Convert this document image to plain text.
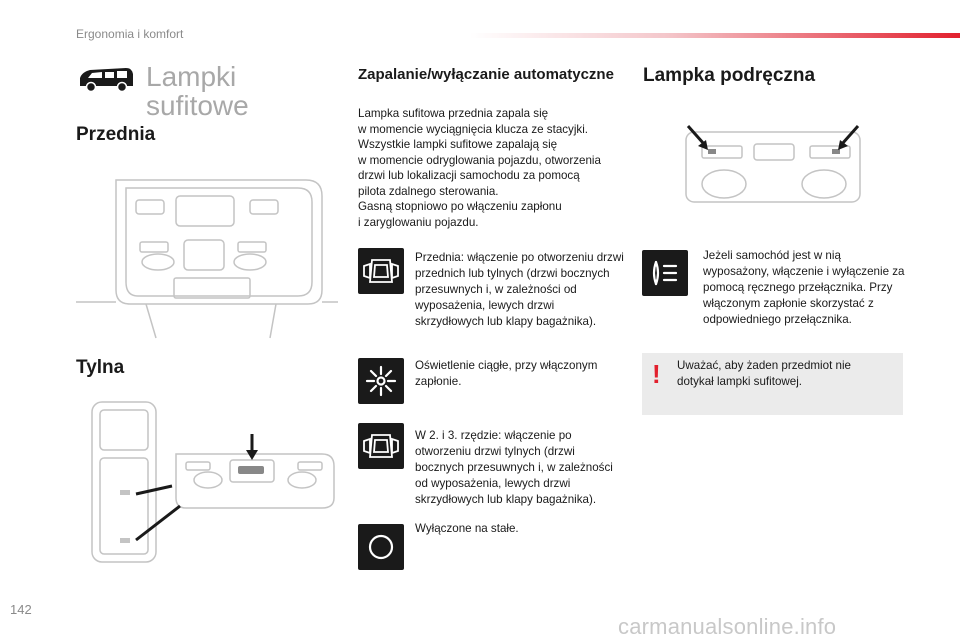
Ergonomia i komfort
Lampki
sufitowe
Przednia
Tylna
Zapalanie/wyłączanie automatyczne
Lampka sufitowa przednia zapala się
w momencie wyciągnięcia klucza ze stacyjki.
Wszystkie lampki sufitowe zapalają się
w momencie odryglowania pojazdu, otworzenia
drzwi lub lokalizacji samochodu za pomocą
pilota zdalnego sterowania.
Gasną stopniowo po włączeniu zapłonu
i zaryglowaniu pojazdu.
Przednia: włączenie po otworzeniu drzwi przednich lub tylnych (drzwi bocznych przesuwnych i, w zależności od wyposażenia, lewych drzwi skrzydłowych lub klapy bagażnika).
Oświetlenie ciągłe, przy włączonym zapłonie.
W 2. i 3. rzędzie: włączenie po otworzeniu drzwi tylnych (drzwi bocznych przesuwnych i, w zależności od wyposażenia, lewych drzwi skrzydłowych lub klapy bagażnika).
Wyłączone na stałe.
Lampka podręczna
Jeżeli samochód jest w nią wyposażony, włączenie i wyłączenie za pomocą ręcznego przełącznika. Przy włączonym zapłonie skorzystać z odpowiedniego przełącznika.
! Uważać, aby żaden przedmiot nie dotykał lampki sufitowej.
142
carmanualsonline.info
